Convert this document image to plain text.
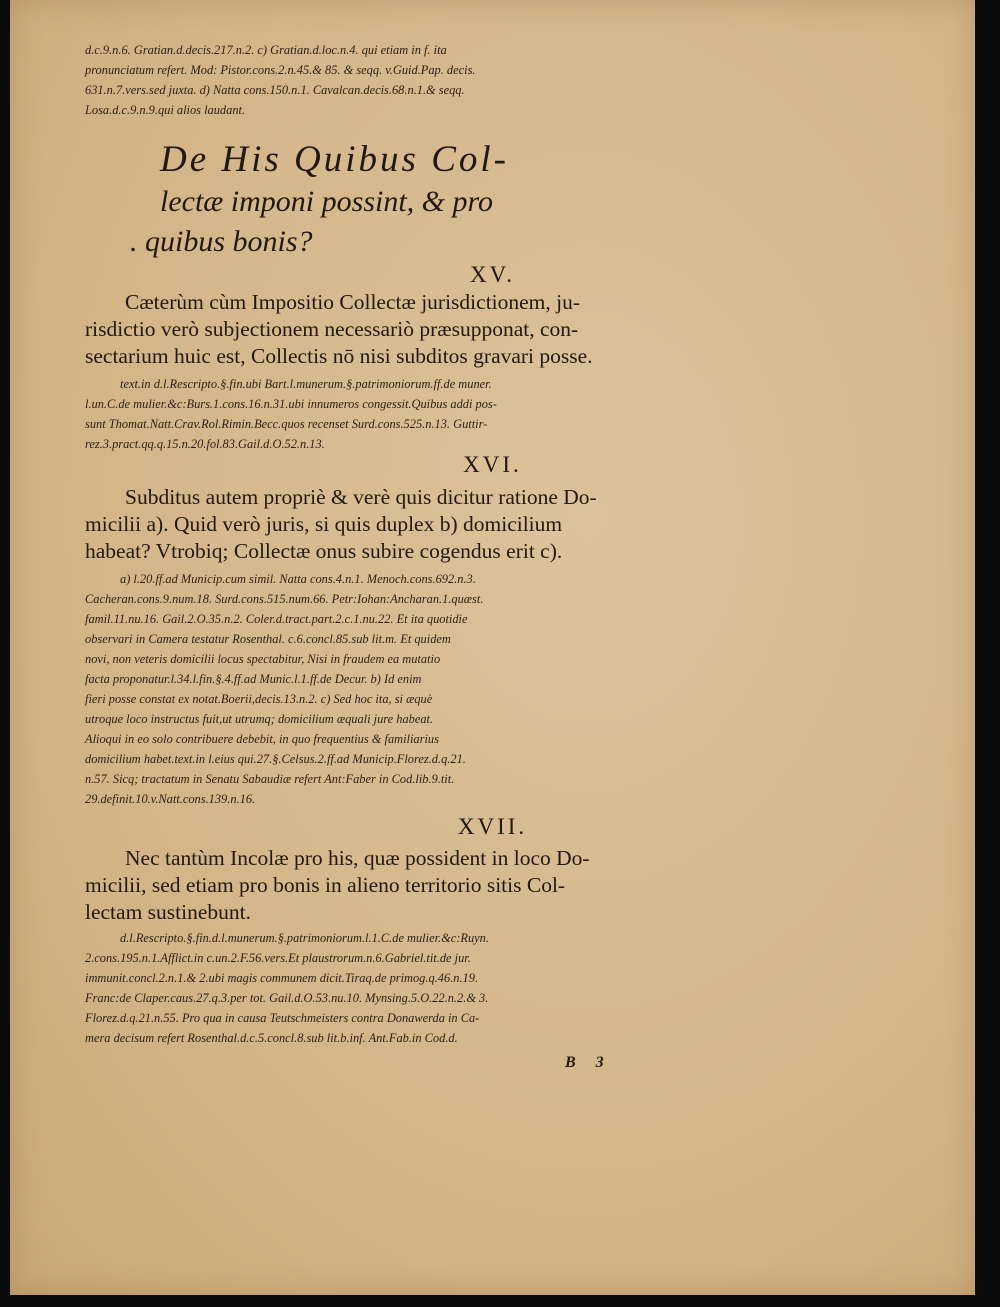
d.c.9.n.6. Gratian.d.decis.217.n.2. c) Gratian.d.loc.n.4. qui etiam in f. ita
pronunciatum refert. Mod: Pistor.cons.2.n.45.& 85. & seqq. v.Guid.Pap. decis.
631.n.7.vers.sed juxta. d) Natta cons.150.n.1. Cavalcan.decis.68.n.1.& seqq.
Losa.d.c.9.n.9.qui alios laudant.
De His Quibus Col-
lectæ imponi possint, & pro
. quibus bonis?
XV.
Cæterùm cùm Impositio Collectæ jurisdictionem, ju-
risdictio verò subjectionem necessariò præsupponat, con-
sectarium huic est, Collectis nō nisi subditos gravari posse.
text.in d.l.Rescripto.§.fin.ubi Bart.l.munerum.§.patrimoniorum.ff.de muner.
l.un.C.de mulier.&c:Burs.1.cons.16.n.31.ubi innumeros congessit.Quibus addi pos-
sunt Thomat.Natt.Crav.Rol.Rimin.Becc.quos recenset Surd.cons.525.n.13. Guttir-
rez.3.pract.qq.q.15.n.20.fol.83.Gail.d.O.52.n.13.
XVI.
Subditus autem propriè & verè quis dicitur ratione Do-
micilii a). Quid verò juris, si quis duplex b) domicilium
habeat? Vtrobiq; Collectæ onus subire cogendus erit c).
a) l.20.ff.ad Municip.cum simil. Natta cons.4.n.1. Menoch.cons.692.n.3.
Cacheran.cons.9.num.18. Surd.cons.515.num.66. Petr:Iohan:Ancharan.1.quæst.
famil.11.nu.16. Gail.2.O.35.n.2. Coler.d.tract.part.2.c.1.nu.22. Et ita quotidie
observari in Camera testatur Rosenthal. c.6.concl.85.sub lit.m. Et quidem
novi, non veteris domicilii locus spectabitur, Nisi in fraudem ea mutatio
facta proponatur.l.34.l.fin.§.4.ff.ad Munic.l.1.ff.de Decur. b) Id enim
fieri posse constat ex notat.Boerii,decis.13.n.2. c) Sed hoc ita, si æquè
utroque loco instructus fuit,ut utrumq; domicilium æquali jure habeat.
Alioqui in eo solo contribuere debebit, in quo frequentius & familiarius
domicilium habet.text.in l.eius qui.27.§.Celsus.2.ff.ad Municip.Florez.d.q.21.
n.57. Sicq; tractatum in Senatu Sabaudiæ refert Ant:Faber in Cod.lib.9.tit.
29.definit.10.v.Natt.cons.139.n.16.
XVII.
Nec tantùm Incolæ pro his, quæ possident in loco Do-
micilii, sed etiam pro bonis in alieno territorio sitis Col-
lectam sustinebunt.
d.l.Rescripto.§.fin.d.l.munerum.§.patrimoniorum.l.1.C.de mulier.&c:Ruyn.
2.cons.195.n.1.Afflict.in c.un.2.F.56.vers.Et plaustrorum.n.6.Gabriel.tit.de jur.
immunit.concl.2.n.1.& 2.ubi magis communem dicit.Tiraq.de primog.q.46.n.19.
Franc:de Claper.caus.27.q.3.per tot. Gail.d.O.53.nu.10. Mynsing.5.O.22.n.2.& 3.
Florez.d.q.21.n.55. Pro qua in causa Teutschmeisters contra Donawerda in Ca-
mera decisum refert Rosenthal.d.c.5.concl.8.sub lit.b.inf. Ant.Fab.in Cod.d.
B 3
